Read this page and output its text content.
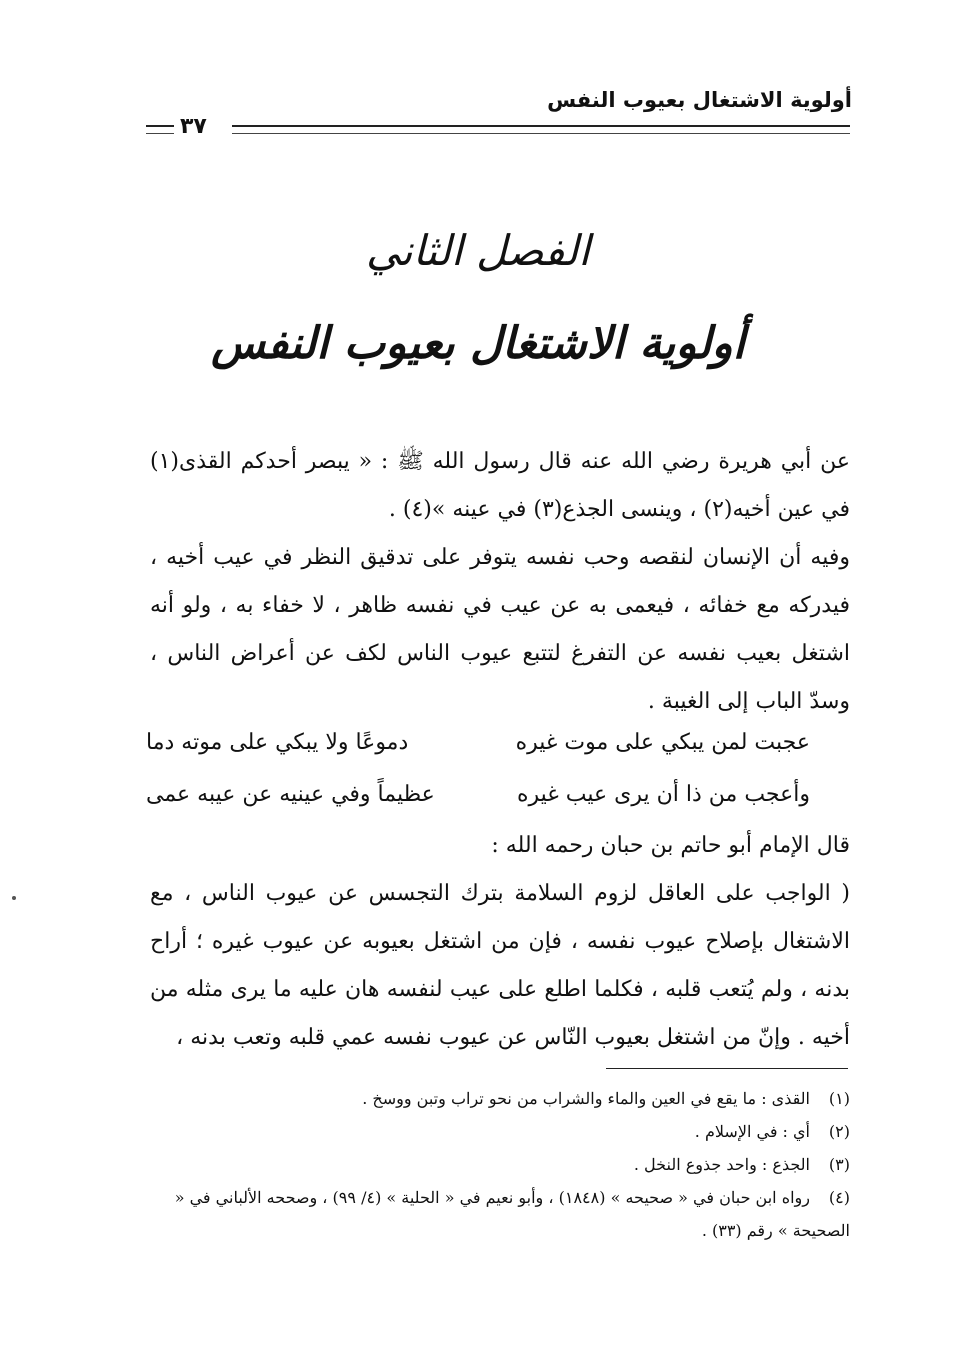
أولوية الاشتغال بعيوب النفس
٣٧
الفصل الثاني
أولوية الاشتغال بعيوب النفس

عن أبي هريرة رضي الله عنه قال رسول الله ﷺ : « يبصر أحدكم القذى(١) في عين أخيه(٢) ، وينسى الجذع(٣) في عينه »(٤) .

وفيه أن الإنسان لنقصه وحب نفسه يتوفر على تدقيق النظر في عيب أخيه ، فيدركه مع خفائه ، فيعمى به عن عيب في نفسه ظاهر ، لا خفاء به ، ولو أنه اشتغل بعيب نفسه عن التفرغ لتتبع عيوب الناس لكف عن أعراض الناس ، وسدّ الباب إلى الغيبة .

عجبت لمن يبكي على موت غيره
دموعًا ولا يبكي على موته دما
وأعجب من ذا أن يرى عيب غيره
عظيماً وفي عينيه عن عيبه عمى

قال الإمام أبو حاتم بن حبان رحمه الله :

( الواجب على العاقل لزوم السلامة بترك التجسس عن عيوب الناس ، مع الاشتغال بإصلاح عيوب نفسه ، فإن من اشتغل بعيوبه عن عيوب غيره ؛ أراح بدنه ، ولم يُتعب قلبه ، فكلما اطلع على عيب لنفسه هان عليه ما يرى مثله من أخيه . وإنّ من اشتغل بعيوب النّاس عن عيوب نفسه عمي قلبه وتعب بدنه ،

(١)القذى : ما يقع في العين والماء والشراب من نحو تراب وتبن ووسخ .

(٢)أي : في الإسلام .

(٣)الجذع : واحد جذوع النخل .

(٤)رواه ابن حبان في « صحيحه » (١٨٤٨) ، وأبو نعيم في « الحلية » (٤/ ٩٩) ، وصححه الألباني في « الصحيحة » رقم (٣٣) .
